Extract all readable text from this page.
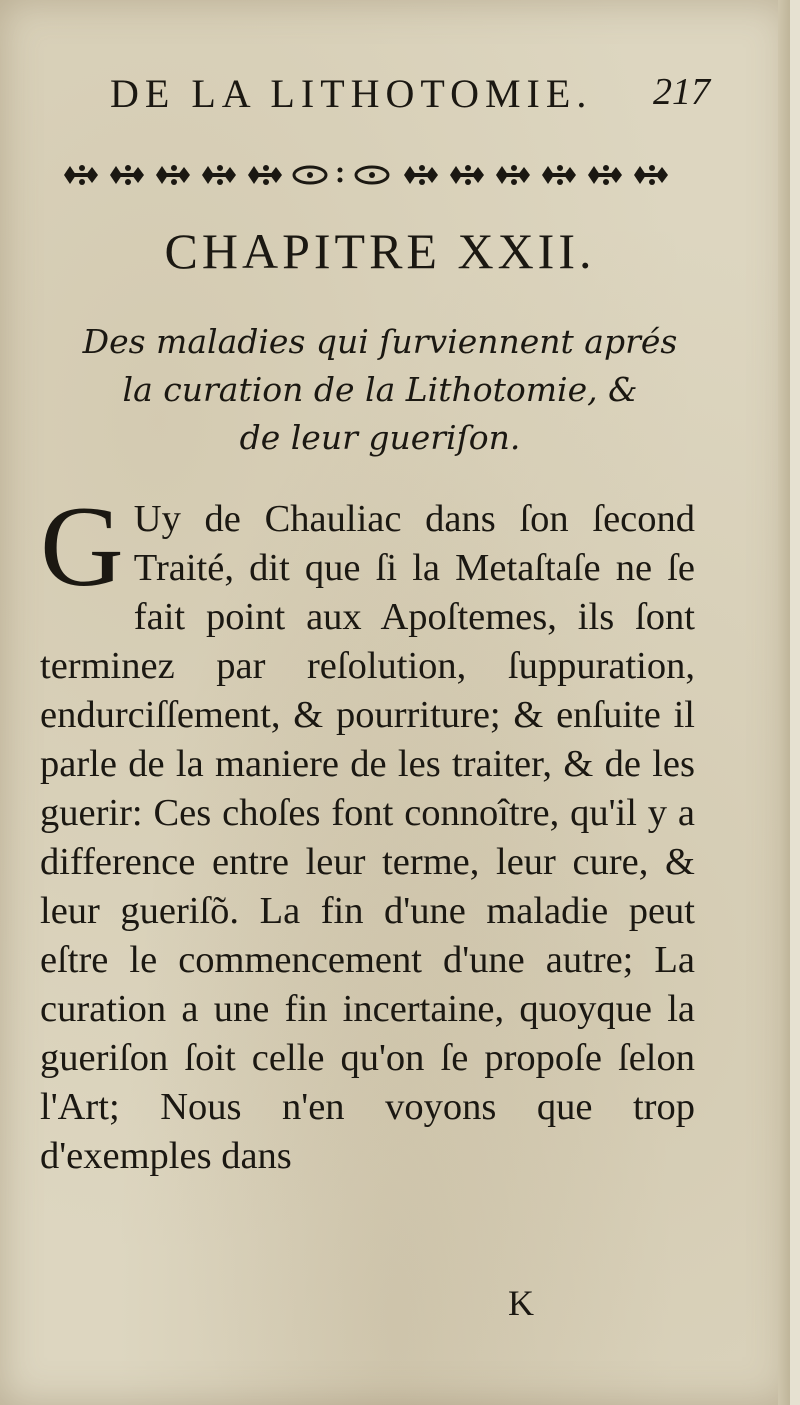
DE LA LITHOTOMIE. 217
CHAPITRE XXII.
Des maladies qui ſurviennent aprés
la curation de la Lithotomie, &
de leur gueriſon.
G Uy de Chauliac dans ſon ſecond Traité, dit que ſi la Metaſtaſe ne ſe fait point aux Apoſtemes, ils ſont terminez par reſolution, ſuppuration, endurciſſement, & pourriture; & enſuite il parle de la maniere de les traiter, & de les guerir: Ces choſes font connoître, qu'il y a difference entre leur terme, leur cure, & leur gueriſõ. La fin d'une maladie peut eſtre le commencement d'une autre; La curation a une fin incertaine, quoyque la gueriſon ſoit celle qu'on ſe propoſe ſelon l'Art; Nous n'en voyons que trop d'exemples dans
K
